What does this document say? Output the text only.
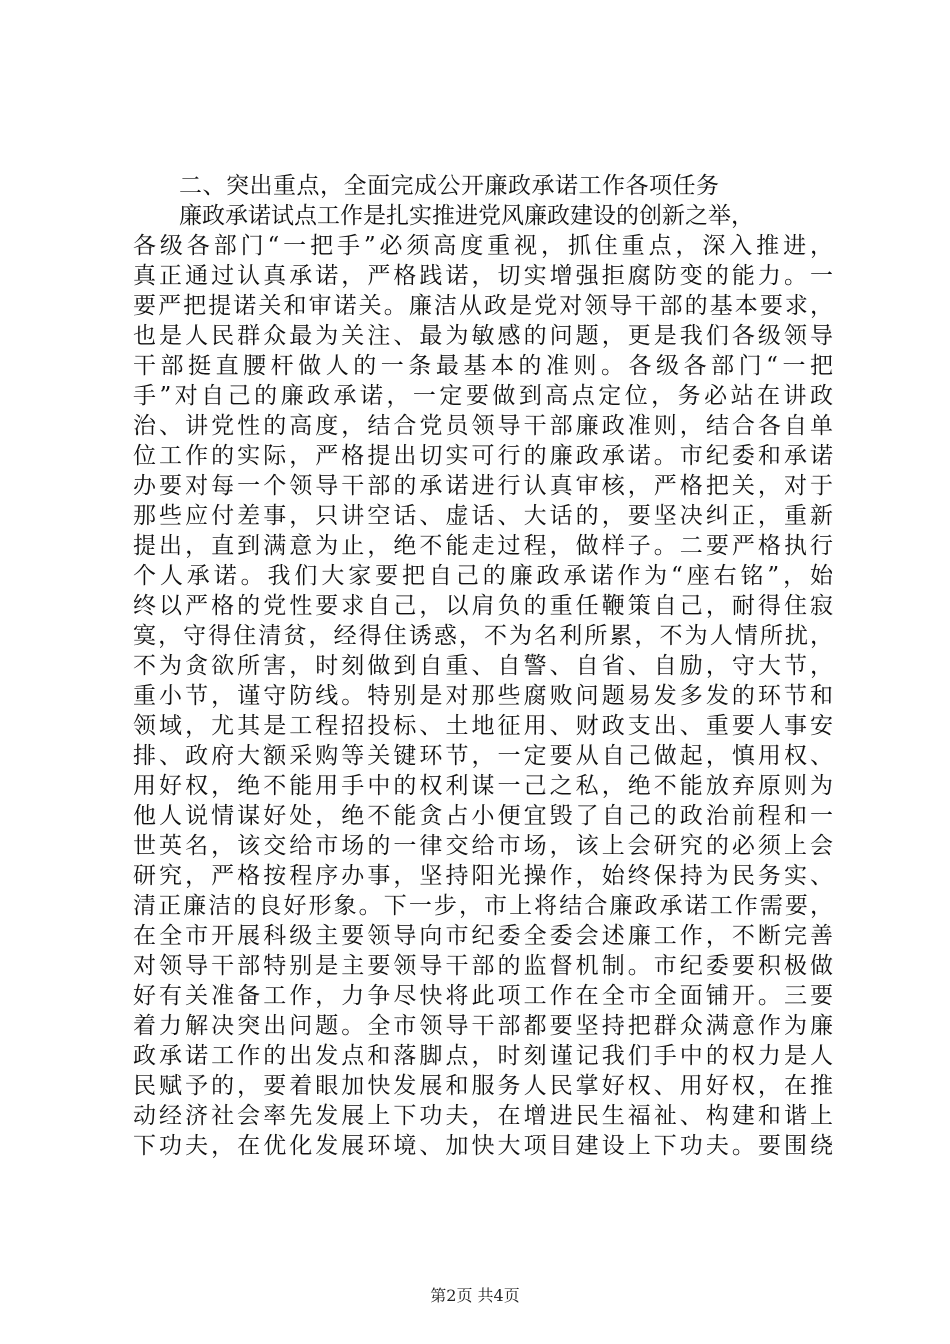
二、突出重点，全面完成公开廉政承诺工作各项任务

廉政承诺试点工作是扎实推进党风廉政建设的创新之举，
各级各部门“一把手”必须高度重视，抓住重点，深入推进，
真正通过认真承诺，严格践诺，切实增强拒腐防变的能力。一
要严把提诺关和审诺关。廉洁从政是党对领导干部的基本要求，
也是人民群众最为关注、最为敏感的问题，更是我们各级领导
干部挺直腰杆做人的一条最基本的准则。各级各部门“一把
手”对自己的廉政承诺，一定要做到高点定位，务必站在讲政
治、讲党性的高度，结合党员领导干部廉政准则，结合各自单
位工作的实际，严格提出切实可行的廉政承诺。市纪委和承诺
办要对每一个领导干部的承诺进行认真审核，严格把关，对于
那些应付差事，只讲空话、虚话、大话的，要坚决纠正，重新
提出，直到满意为止，绝不能走过程，做样子。二要严格执行
个人承诺。我们大家要把自己的廉政承诺作为“座右铭”，始
终以严格的党性要求自己，以肩负的重任鞭策自己，耐得住寂
寞，守得住清贫，经得住诱惑，不为名利所累，不为人情所扰，
不为贪欲所害，时刻做到自重、自警、自省、自励，守大节，
重小节，谨守防线。特别是对那些腐败问题易发多发的环节和
领域，尤其是工程招投标、土地征用、财政支出、重要人事安
排、政府大额采购等关键环节，一定要从自己做起，慎用权、
用好权，绝不能用手中的权利谋一己之私，绝不能放弃原则为
他人说情谋好处，绝不能贪占小便宜毁了自己的政治前程和一
世英名，该交给市场的一律交给市场，该上会研究的必须上会
研究，严格按程序办事，坚持阳光操作，始终保持为民务实、
清正廉洁的良好形象。下一步，市上将结合廉政承诺工作需要，
在全市开展科级主要领导向市纪委全委会述廉工作，不断完善
对领导干部特别是主要领导干部的监督机制。市纪委要积极做
好有关准备工作，力争尽快将此项工作在全市全面铺开。三要
着力解决突出问题。全市领导干部都要坚持把群众满意作为廉
政承诺工作的出发点和落脚点，时刻谨记我们手中的权力是人
民赋予的，要着眼加快发展和服务人民掌好权、用好权，在推
动经济社会率先发展上下功夫，在增进民生福祉、构建和谐上
下功夫，在优化发展环境、加快大项目建设上下功夫。要围绕
第2页 共4页
